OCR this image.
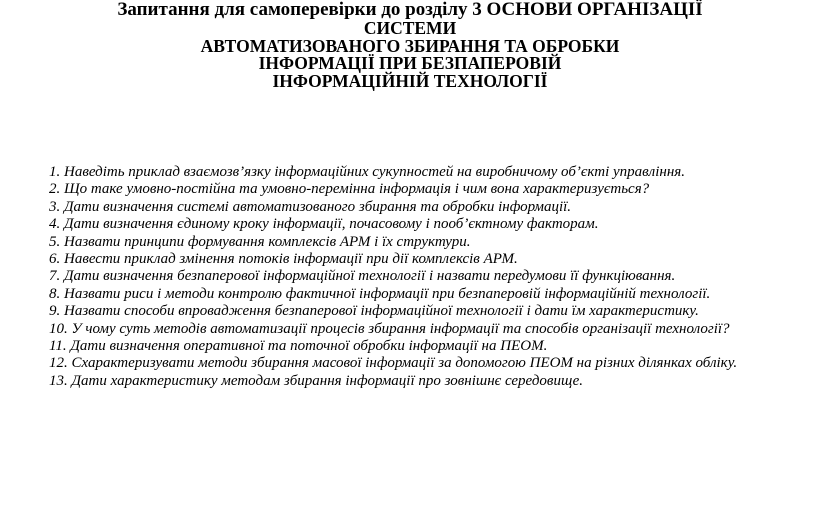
Запитання для самоперевірки до розділу 3 ОСНОВИ ОРГАНІЗАЦІЇ
СИСТЕМИ
АВТОМАТИЗОВАНОГО ЗБИРАННЯ ТА ОБРОБКИ
ІНФОРМАЦІЇ ПРИ БЕЗПАПЕРОВІЙ
ІНФОРМАЦІЙНІЙ ТЕХНОЛОГІЇ
1. Наведіть приклад взаємозв’язку інформаційних сукупностей на виробничому об’єкті управління.
2. Що таке умовно-постійна та умовно-перемінна інформація і чим вона характеризується?
3. Дати визначення системі автоматизованого збирання та обробки інформації.
4. Дати визначення єдиному кроку інформації, почасовому і пооб’єктному факторам.
5. Назвати принципи формування комплексів АРМ і їх структури.
6. Навести приклад змінення потоків інформації при дії комплексів АРМ.
7. Дати визначення безпаперової інформаційної технології і назвати передумови її функціювання.
8. Назвати риси і методи контролю фактичної інформації при безпаперовій інформаційній технології.
9. Назвати способи впровадження безпаперової інформаційної технології і дати їм характеристику.
10. У чому суть методів автоматизації процесів збирання інформації та способів організації технології?
11. Дати визначення оперативної та поточної обробки інформації на ПЕОМ.
12. Схарактеризувати методи збирання масової інформації за допомогою ПЕОМ на різних ділянках обліку.
13. Дати характеристику методам збирання інформації про зовнішнє середовище.
